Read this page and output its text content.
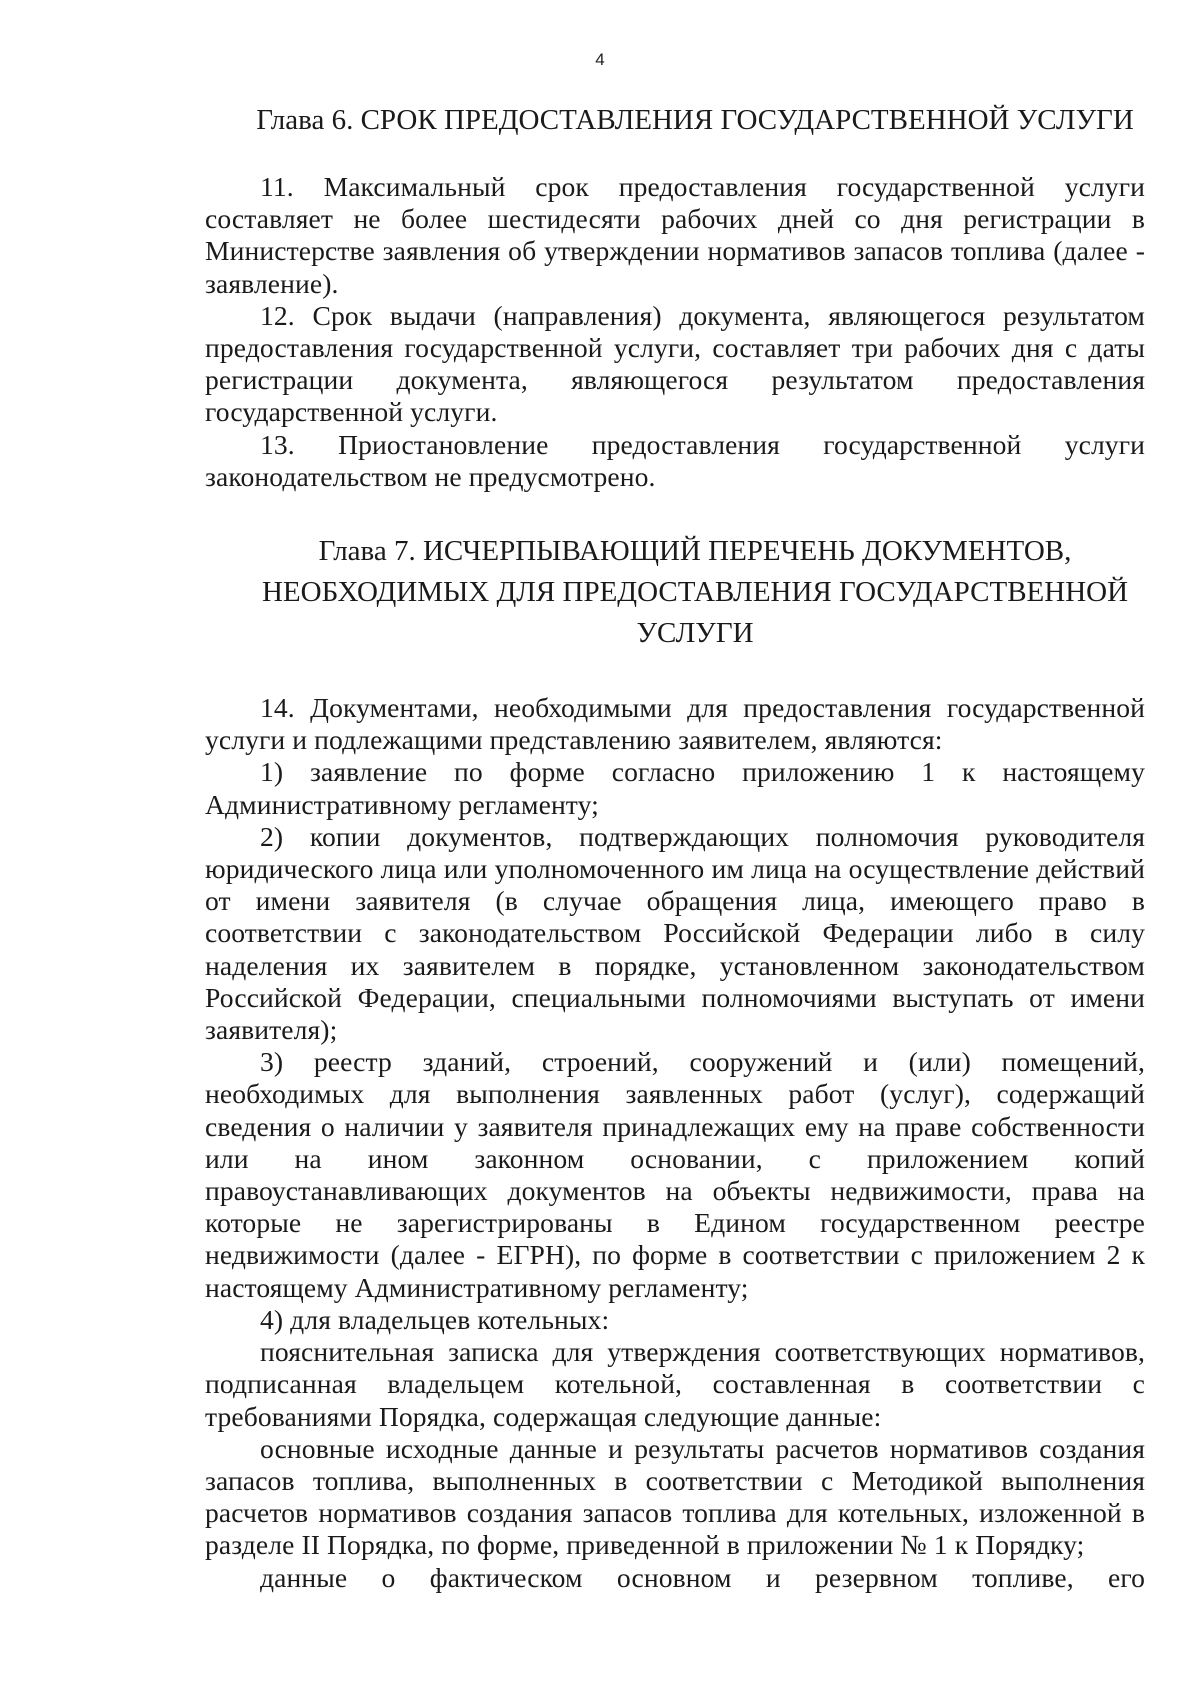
4
Глава 6. СРОК ПРЕДОСТАВЛЕНИЯ ГОСУДАРСТВЕННОЙ УСЛУГИ

11. Максимальный срок предоставления государственной услуги составляет не более шестидесяти рабочих дней со дня регистрации в Министерстве заявления об утверждении нормативов запасов топлива (далее - заявление).

12. Срок выдачи (направления) документа, являющегося результатом предоставления государственной услуги, составляет три рабочих дня с даты регистрации документа, являющегося результатом предоставления государственной услуги.

13. Приостановление предоставления государственной услуги законодательством не предусмотрено.

Глава 7. ИСЧЕРПЫВАЮЩИЙ ПЕРЕЧЕНЬ ДОКУМЕНТОВ,
НЕОБХОДИМЫХ ДЛЯ ПРЕДОСТАВЛЕНИЯ ГОСУДАРСТВЕННОЙ
УСЛУГИ

14. Документами, необходимыми для предоставления государственной услуги и подлежащими представлению заявителем, являются:

1) заявление по форме согласно приложению 1 к настоящему Административному регламенту;

2) копии документов, подтверждающих полномочия руководителя юридического лица или уполномоченного им лица на осуществление действий от имени заявителя (в случае обращения лица, имеющего право в соответствии с законодательством Российской Федерации либо в силу наделения их заявителем в порядке, установленном законодательством Российской Федерации, специальными полномочиями выступать от имени заявителя);

3) реестр зданий, строений, сооружений и (или) помещений, необходимых для выполнения заявленных работ (услуг), содержащий сведения о наличии у заявителя принадлежащих ему на праве собственности или на ином законном основании, с приложением копий правоустанавливающих документов на объекты недвижимости, права на которые не зарегистрированы в Едином государственном реестре недвижимости (далее - ЕГРН), по форме в соответствии с приложением 2 к настоящему Административному регламенту;

4) для владельцев котельных:

пояснительная записка для утверждения соответствующих нормативов, подписанная владельцем котельной, составленная в соответствии с требованиями Порядка, содержащая следующие данные:

основные исходные данные и результаты расчетов нормативов создания запасов топлива, выполненных в соответствии с Методикой выполнения расчетов нормативов создания запасов топлива для котельных, изложенной в разделе II Порядка, по форме, приведенной в приложении № 1 к Порядку;

данные о фактическом основном и резервном топливе, его
